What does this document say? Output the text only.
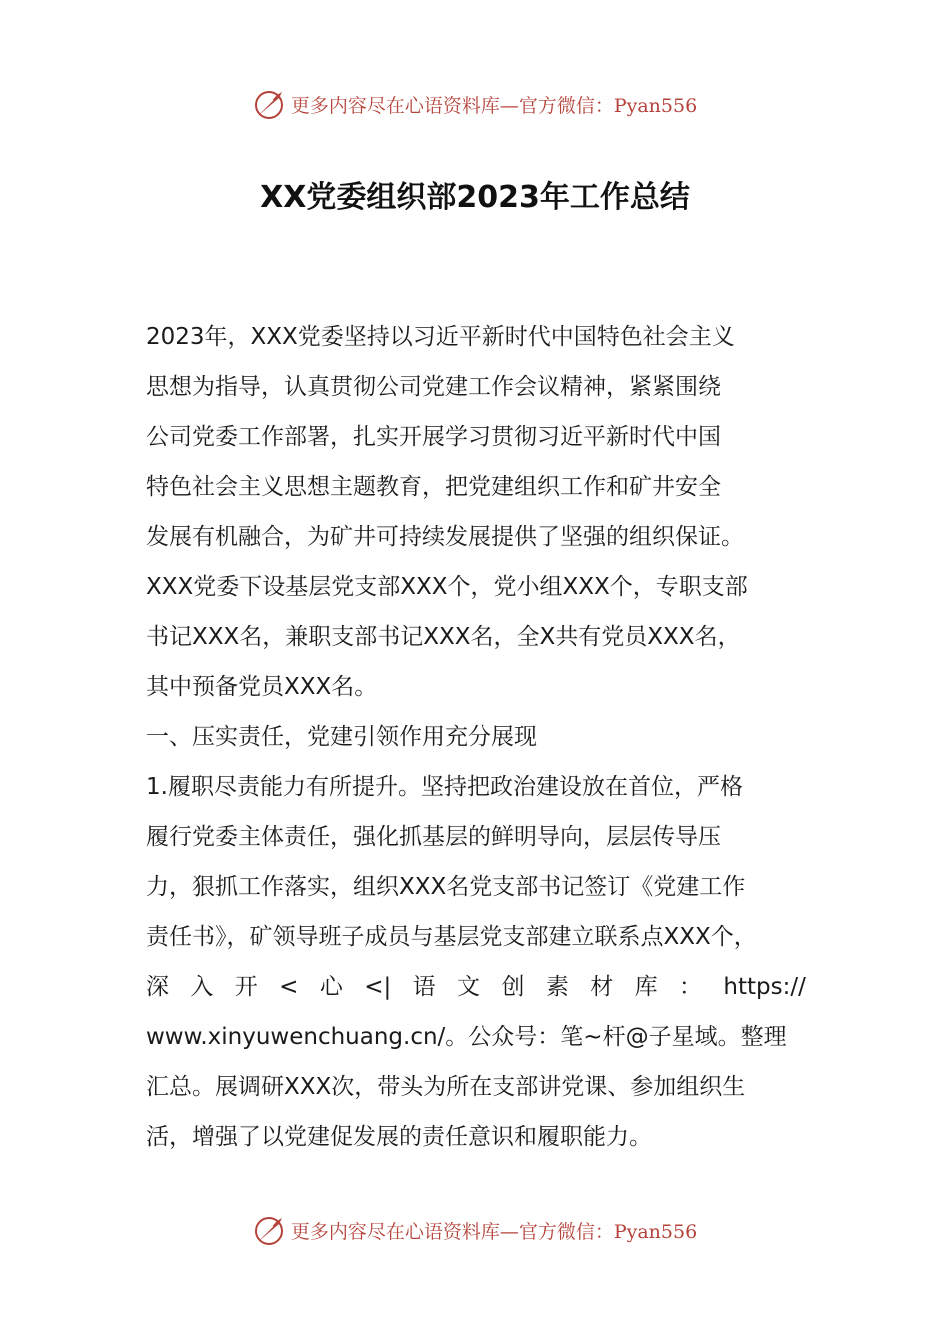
更多内容尽在心语资料库—官方微信：Pyan556
XX党委组织部2023年工作总结
2023年，XXX党委坚持以习近平新时代中国特色社会主义
思想为指导，认真贯彻公司党建工作会议精神，紧紧围绕
公司党委工作部署，扎实开展学习贯彻习近平新时代中国
特色社会主义思想主题教育，把党建组织工作和矿井安全
发展有机融合，为矿井可持续发展提供了坚强的组织保证。
XXX党委下设基层党支部XXX个，党小组XXX个，专职支部
书记XXX名，兼职支部书记XXX名，全X共有党员XXX名，
其中预备党员XXX名。
一、压实责任，党建引领作用充分展现
1.履职尽责能力有所提升。坚持把政治建设放在首位，严格
履行党委主体责任，强化抓基层的鲜明导向，层层传导压
力，狠抓工作落实，组织XXX名党支部书记签订《党建工作
责任书》，矿领导班子成员与基层党支部建立联系点XXX个，
深 入 开 < 心 <| 语 文 创 素 材 库 ： https://
www.xinyuwenchuang.cn/。公众号：笔~杆@子星域。整理
汇总。展调研XXX次，带头为所在支部讲党课、参加组织生
活，增强了以党建促发展的责任意识和履职能力。
更多内容尽在心语资料库—官方微信：Pyan556
